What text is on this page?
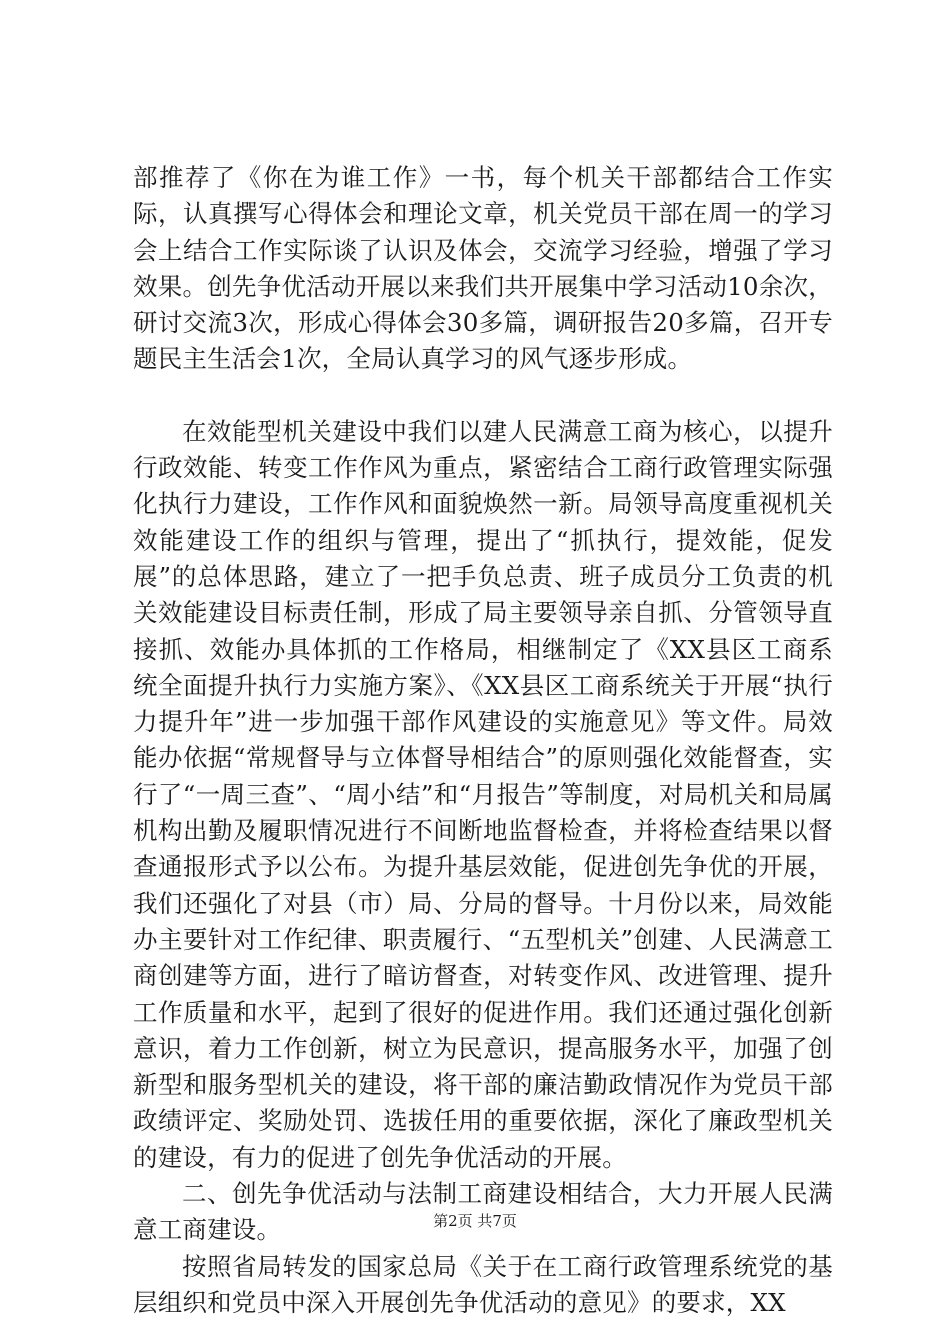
部推荐了《你在为谁工作》一书，每个机关干部都结合工作实际，认真撰写心得体会和理论文章，机关党员干部在周一的学习会上结合工作实际谈了认识及体会，交流学习经验，增强了学习效果。创先争优活动开展以来我们共开展集中学习活动10余次，研讨交流3次，形成心得体会30多篇，调研报告20多篇，召开专题民主生活会1次，全局认真学习的风气逐步形成。

在效能型机关建设中我们以建人民满意工商为核心，以提升行政效能、转变工作作风为重点，紧密结合工商行政管理实际强化执行力建设，工作作风和面貌焕然一新。局领导高度重视机关效能建设工作的组织与管理，提出了“抓执行，提效能，促发展”的总体思路，建立了一把手负总责、班子成员分工负责的机关效能建设目标责任制，形成了局主要领导亲自抓、分管领导直接抓、效能办具体抓的工作格局，相继制定了《XX县区工商系统全面提升执行力实施方案》、《XX县区工商系统关于开展“执行力提升年”进一步加强干部作风建设的实施意见》等文件。局效能办依据“常规督导与立体督导相结合”的原则强化效能督查，实行了“一周三查”、“周小结”和“月报告”等制度，对局机关和局属机构出勤及履职情况进行不间断地监督检查，并将检查结果以督查通报形式予以公布。为提升基层效能，促进创先争优的开展，我们还强化了对县（市）局、分局的督导。十月份以来，局效能办主要针对工作纪律、职责履行、“五型机关”创建、人民满意工商创建等方面，进行了暗访督查，对转变作风、改进管理、提升工作质量和水平，起到了很好的促进作用。我们还通过强化创新意识，着力工作创新，树立为民意识，提高服务水平，加强了创新型和服务型机关的建设，将干部的廉洁勤政情况作为党员干部政绩评定、奖励处罚、选拔任用的重要依据，深化了廉政型机关的建设，有力的促进了创先争优活动的开展。

二、创先争优活动与法制工商建设相结合，大力开展人民满意工商建设。

按照省局转发的国家总局《关于在工商行政管理系统党的基层组织和党员中深入开展创先争优活动的意见》的要求，XX

第2页 共7页
